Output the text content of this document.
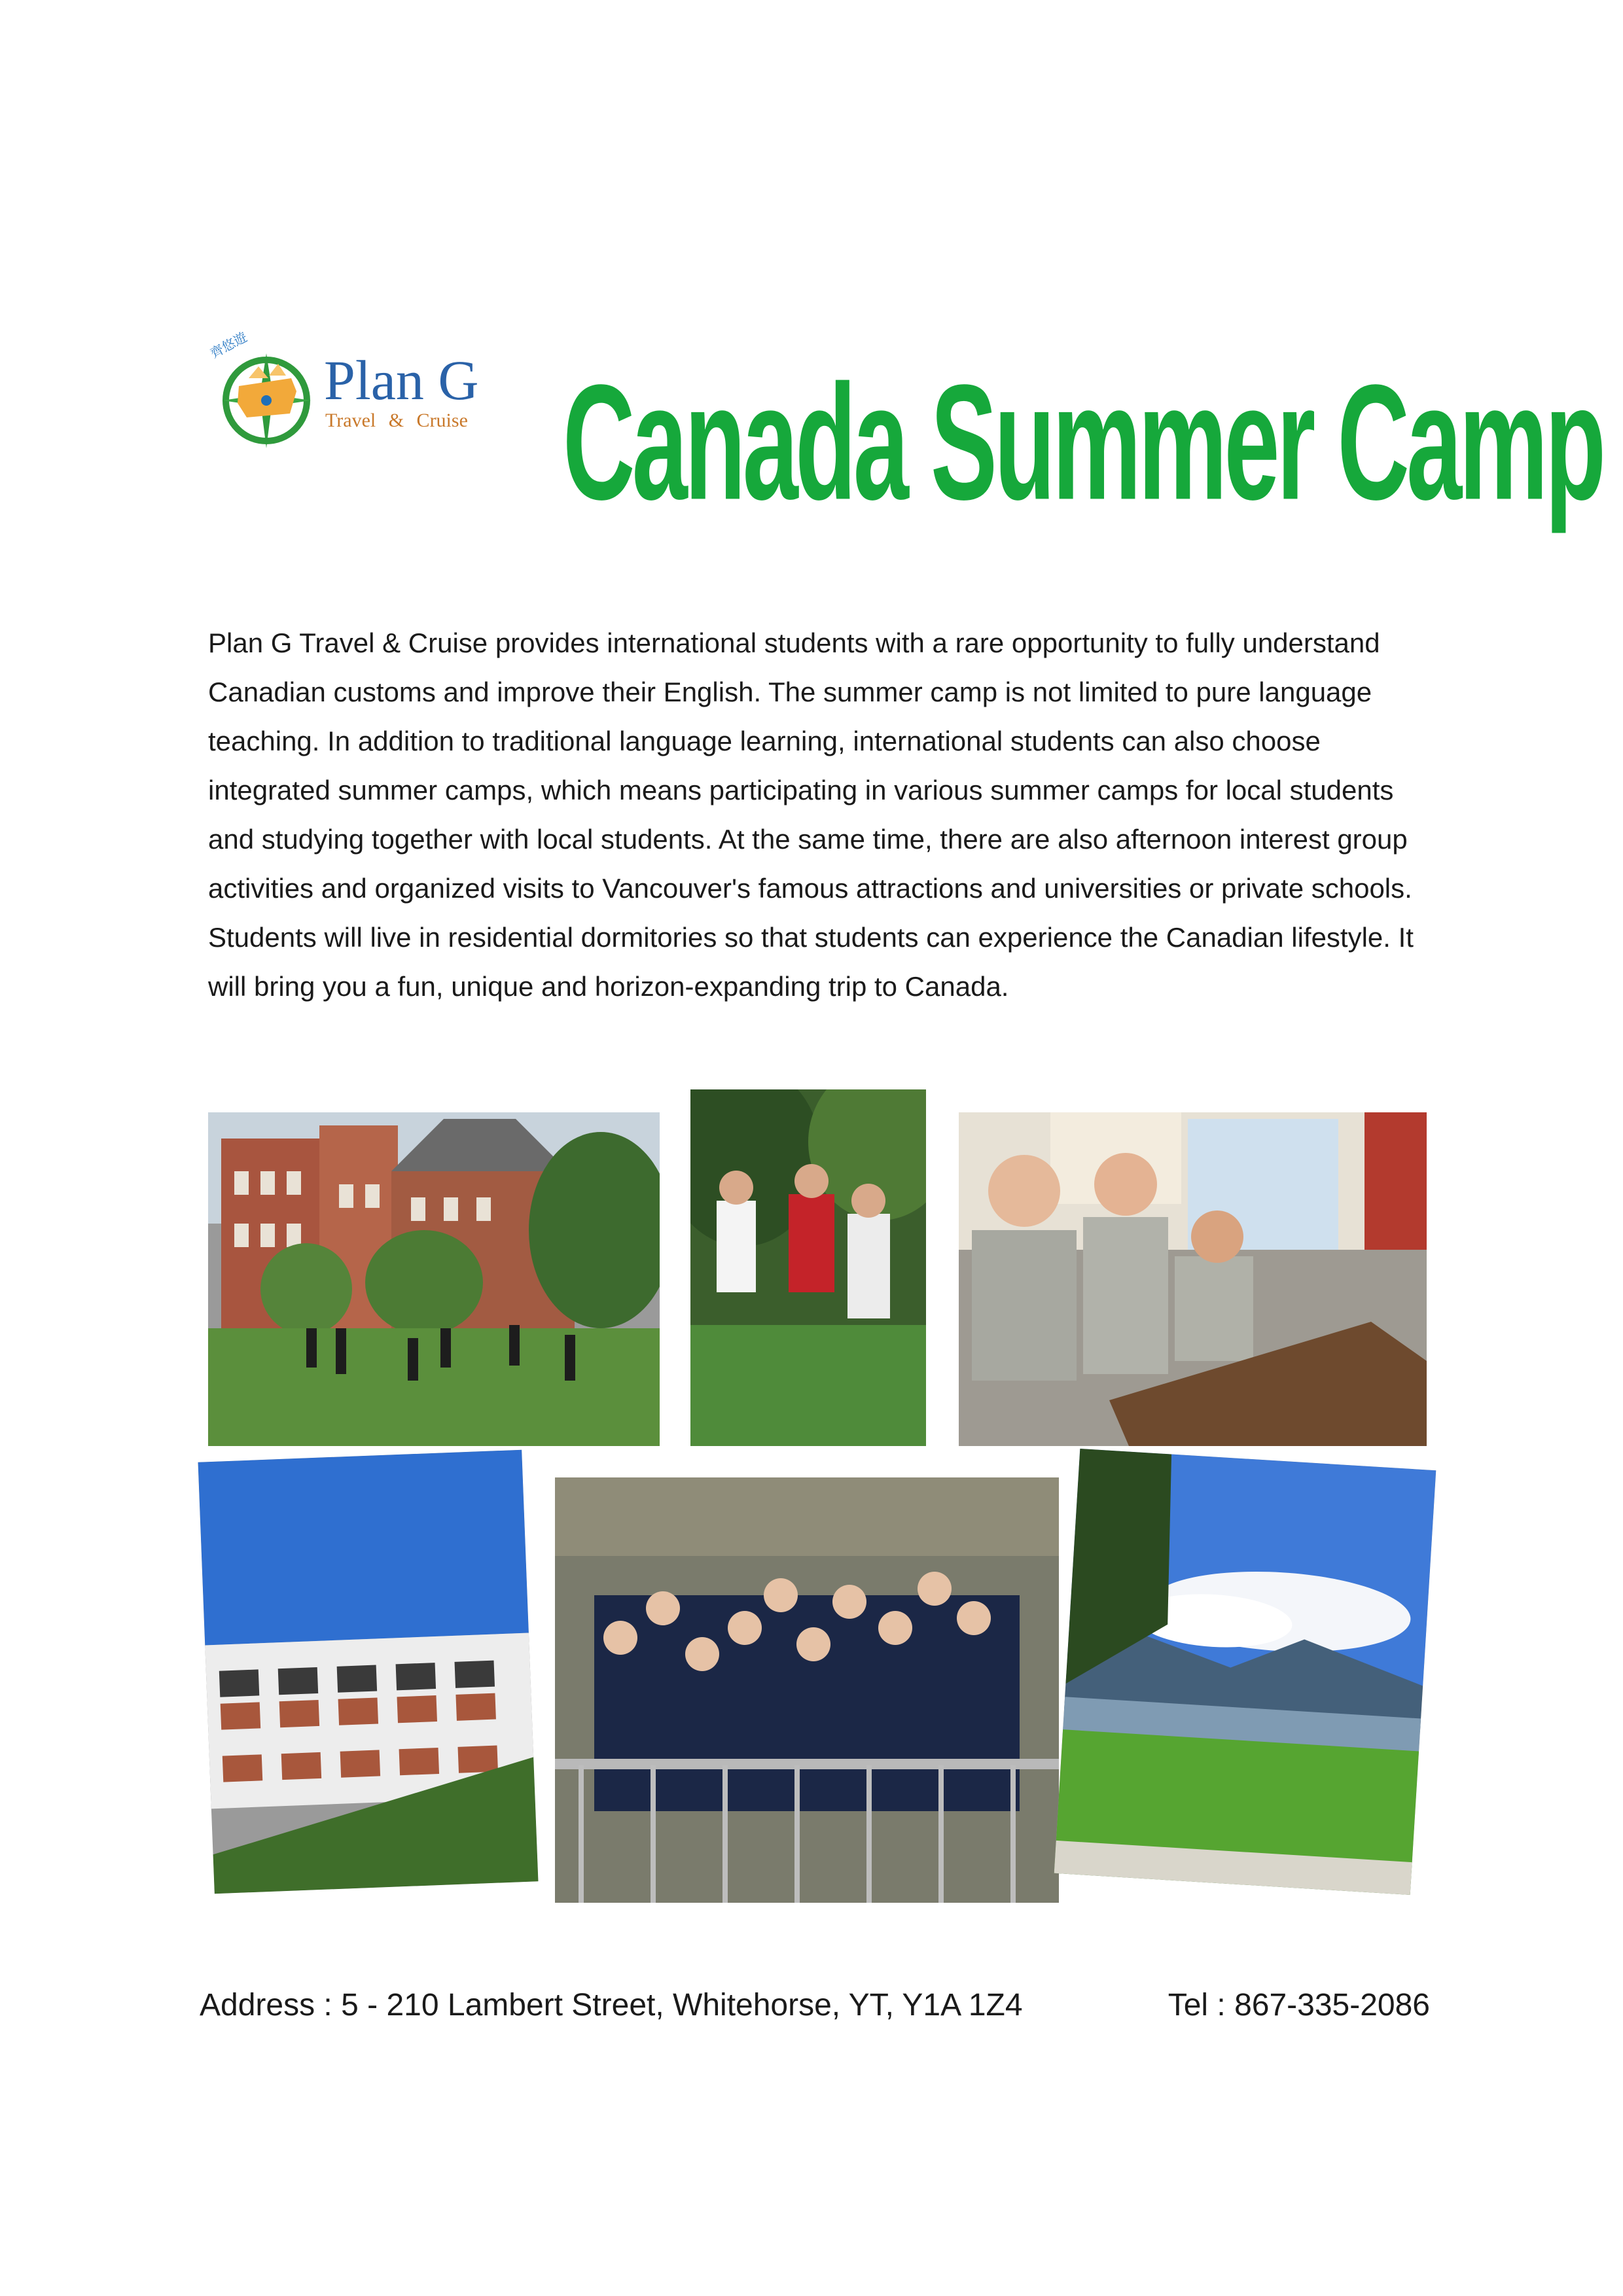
齊悠遊
Plan G
Travel & Cruise Canada Summer Camp

Plan G Travel & Cruise provides international students with a rare opportunity to fully understand Canadian customs and improve their English. The summer camp is not limited to pure language teaching. In addition to traditional language learning, international students can also choose integrated summer camps, which means participating in various summer camps for local students and studying together with local students. At the same time, there are also afternoon interest group activities and organized visits to Vancouver's famous attractions and universities or private schools. Students will live in residential dormitories so that students can experience the Canadian lifestyle. It will bring you a fun, unique and horizon-expanding trip to Canada.

Address : 5 - 210 Lambert Street, Whitehorse, YT, Y1A 1Z4	Tel : 867-335-2086
